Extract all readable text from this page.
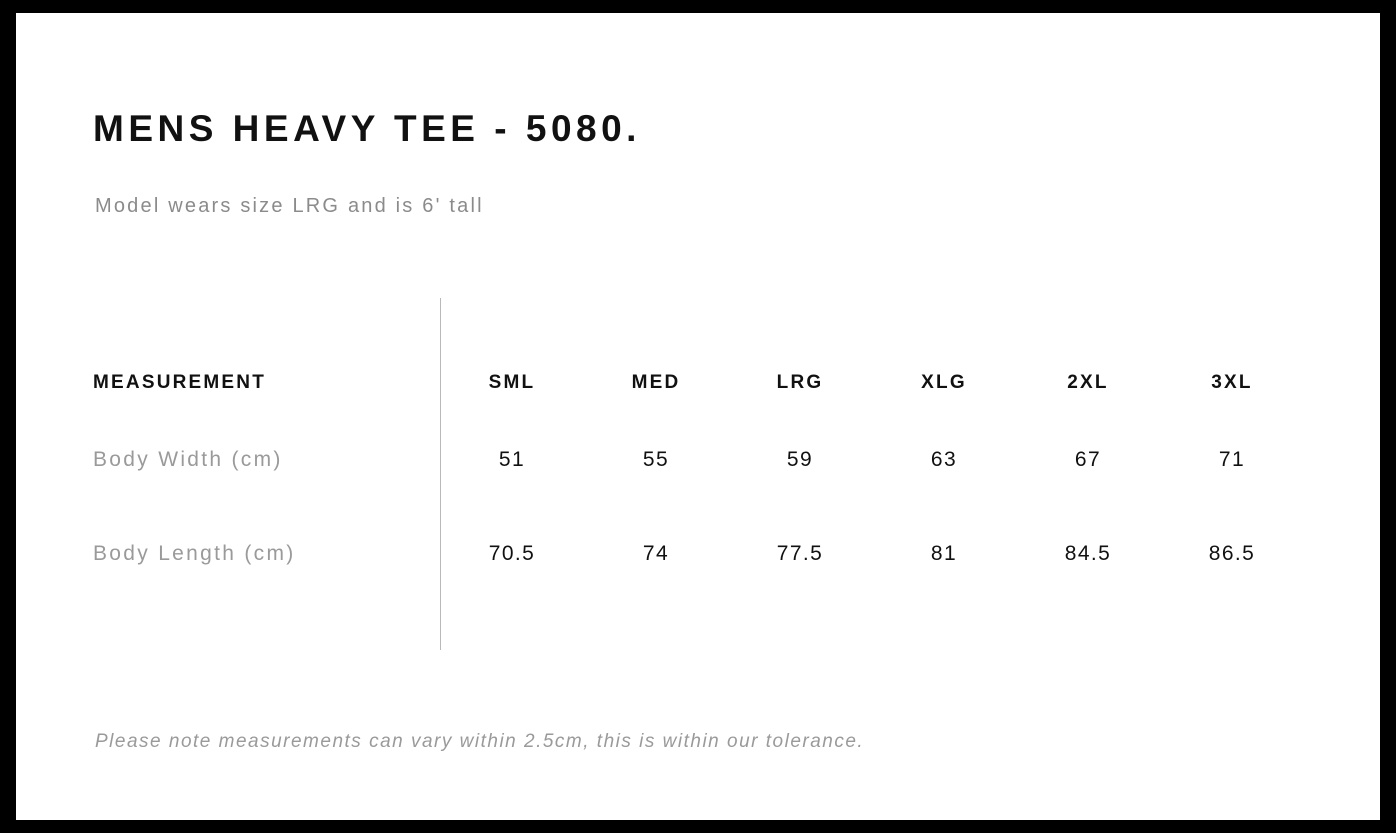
MENS HEAVY TEE - 5080.
Model wears size LRG and is 6' tall
MEASUREMENT	SML	MED	LRG	XLG	2XL	3XL
Body Width (cm)	51	55	59	63	67	71
Body Length (cm)	70.5	74	77.5	81	84.5	86.5
Please note measurements can vary within 2.5cm, this is within our tolerance.
